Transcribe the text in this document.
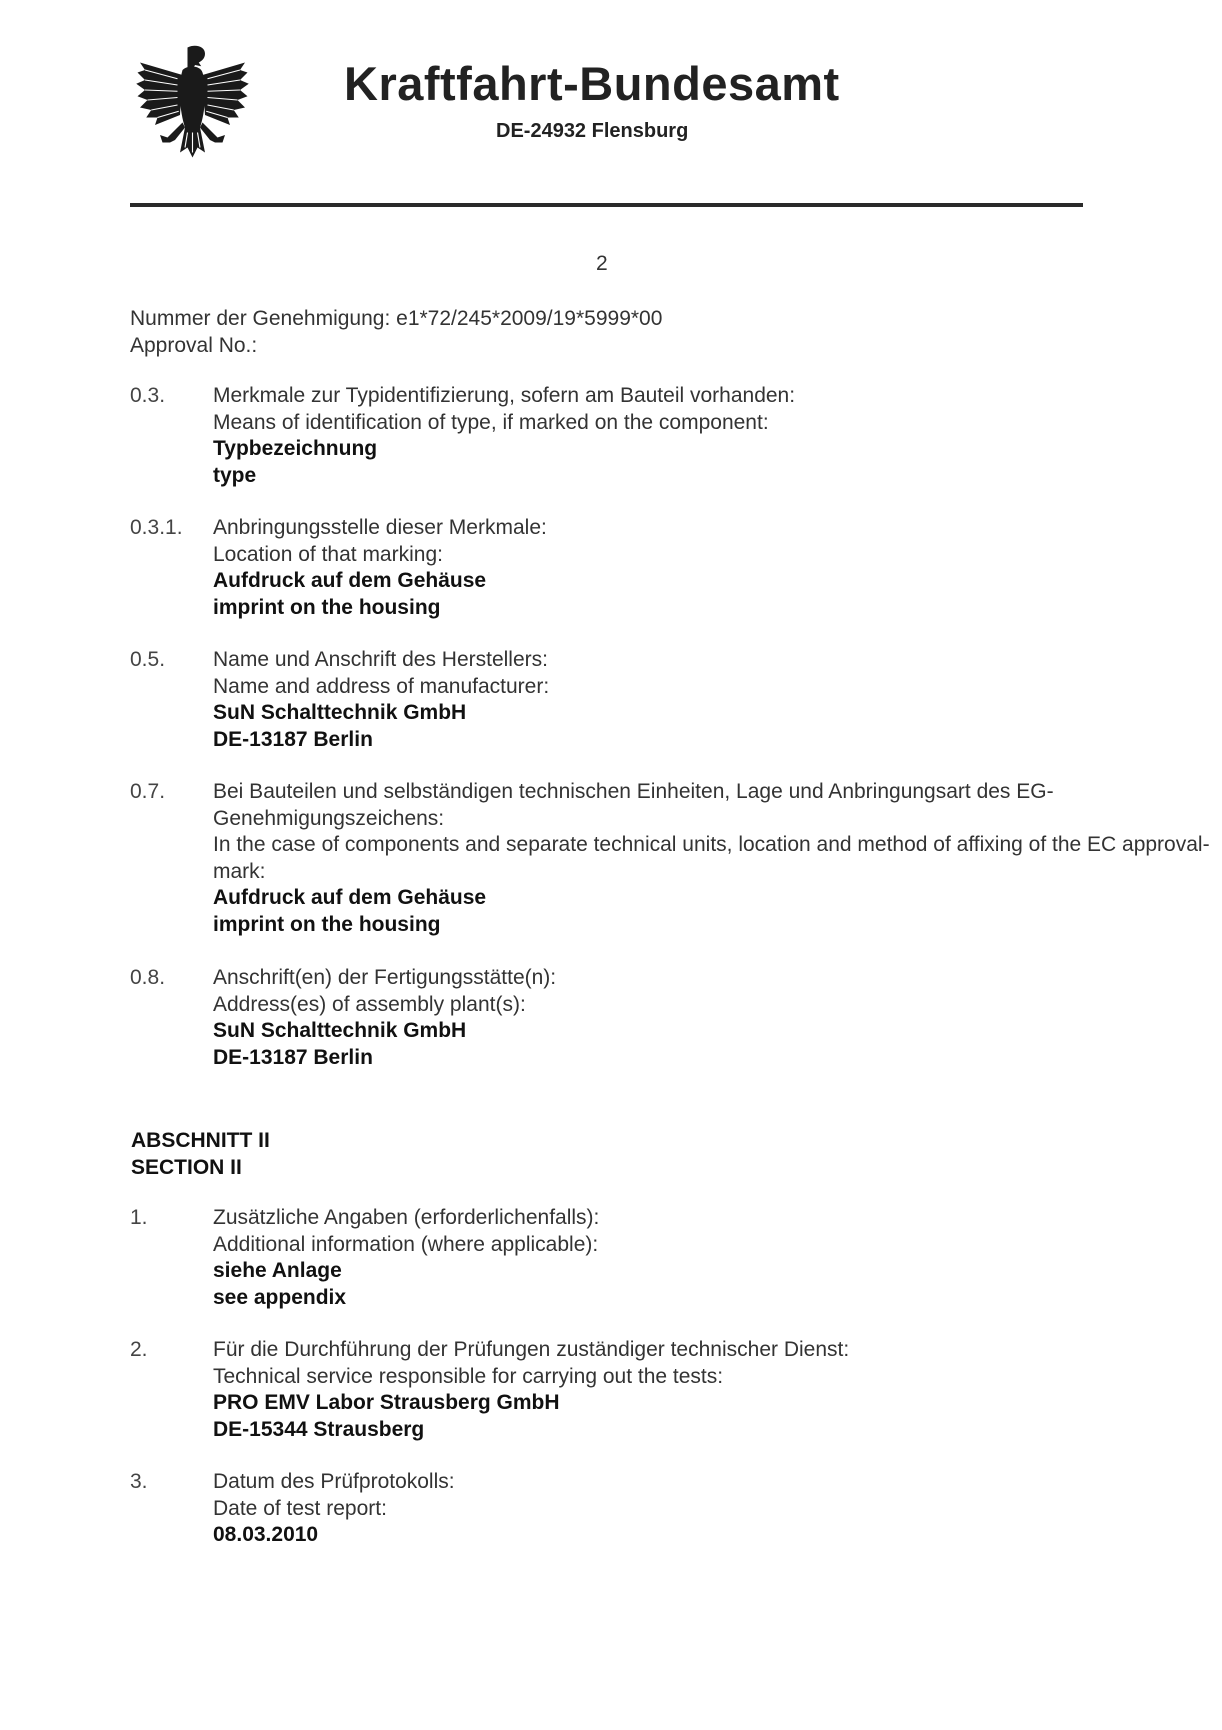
Kraftfahrt-Bundesamt
DE-24932 Flensburg
2
Nummer der Genehmigung: e1*72/245*2009/19*5999*00
Approval No.:
0.3. Merkmale zur Typidentifizierung, sofern am Bauteil vorhanden:
Means of identification of type, if marked on the component:
Typbezeichnung
type
0.3.1. Anbringungsstelle dieser Merkmale:
Location of that marking:
Aufdruck auf dem Gehäuse
imprint on the housing
0.5. Name und Anschrift des Herstellers:
Name and address of manufacturer:
SuN Schalttechnik GmbH
DE-13187 Berlin
0.7. Bei Bauteilen und selbständigen technischen Einheiten, Lage und Anbringungsart des EG-Genehmigungszeichens:
In the case of components and separate technical units, location and method of affixing of the EC approval-mark:
Aufdruck auf dem Gehäuse
imprint on the housing
0.8. Anschrift(en) der Fertigungsstätte(n):
Address(es) of assembly plant(s):
SuN Schalttechnik GmbH
DE-13187 Berlin
ABSCHNITT II
SECTION II
1.	Zusätzliche Angaben (erforderlichenfalls):
Additional information (where applicable):
siehe Anlage
see appendix
2.	Für die Durchführung der Prüfungen zuständiger technischer Dienst:
Technical service responsible for carrying out the tests:
PRO EMV Labor Strausberg GmbH
DE-15344 Strausberg
3.	Datum des Prüfprotokolls:
Date of test report:
08.03.2010
